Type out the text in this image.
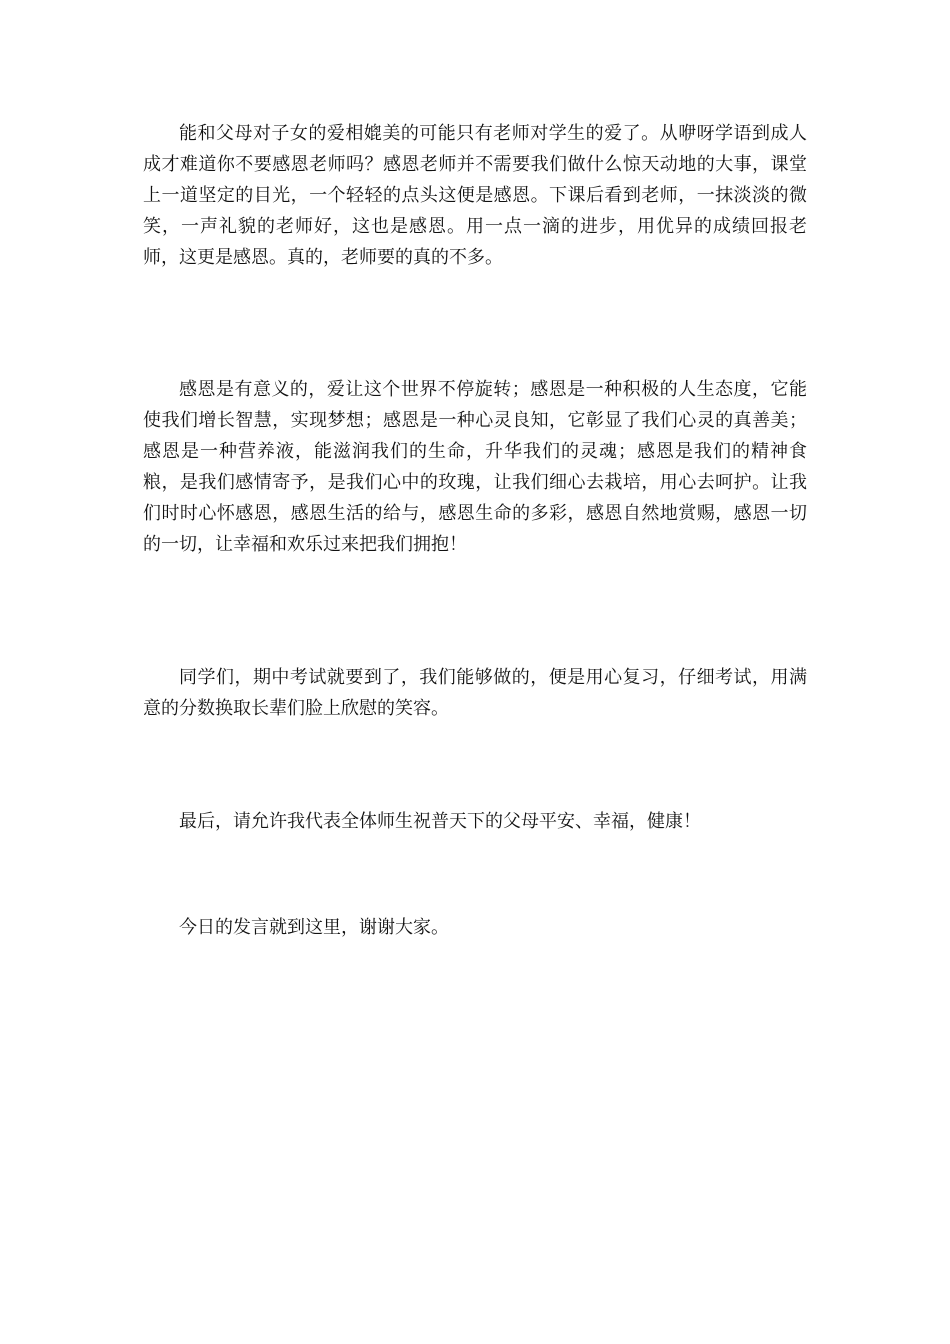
能和父母对子女的爱相媲美的可能只有老师对学生的爱了。从咿呀学语到成人成才难道你不要感恩老师吗？感恩老师并不需要我们做什么惊天动地的大事，课堂上一道坚定的目光，一个轻轻的点头这便是感恩。下课后看到老师，一抹淡淡的微笑，一声礼貌的老师好，这也是感恩。用一点一滴的进步，用优异的成绩回报老师，这更是感恩。真的，老师要的真的不多。

感恩是有意义的，爱让这个世界不停旋转；感恩是一种积极的人生态度，它能使我们增长智慧，实现梦想；感恩是一种心灵良知，它彰显了我们心灵的真善美；感恩是一种营养液，能滋润我们的生命，升华我们的灵魂；感恩是我们的精神食粮，是我们感情寄予，是我们心中的玫瑰，让我们细心去栽培，用心去呵护。让我们时时心怀感恩，感恩生活的给与，感恩生命的多彩，感恩自然地赏赐，感恩一切的一切，让幸福和欢乐过来把我们拥抱！

同学们，期中考试就要到了，我们能够做的，便是用心复习，仔细考试，用满意的分数换取长辈们脸上欣慰的笑容。

最后，请允许我代表全体师生祝普天下的父母平安、幸福，健康！

今日的发言就到这里，谢谢大家。
